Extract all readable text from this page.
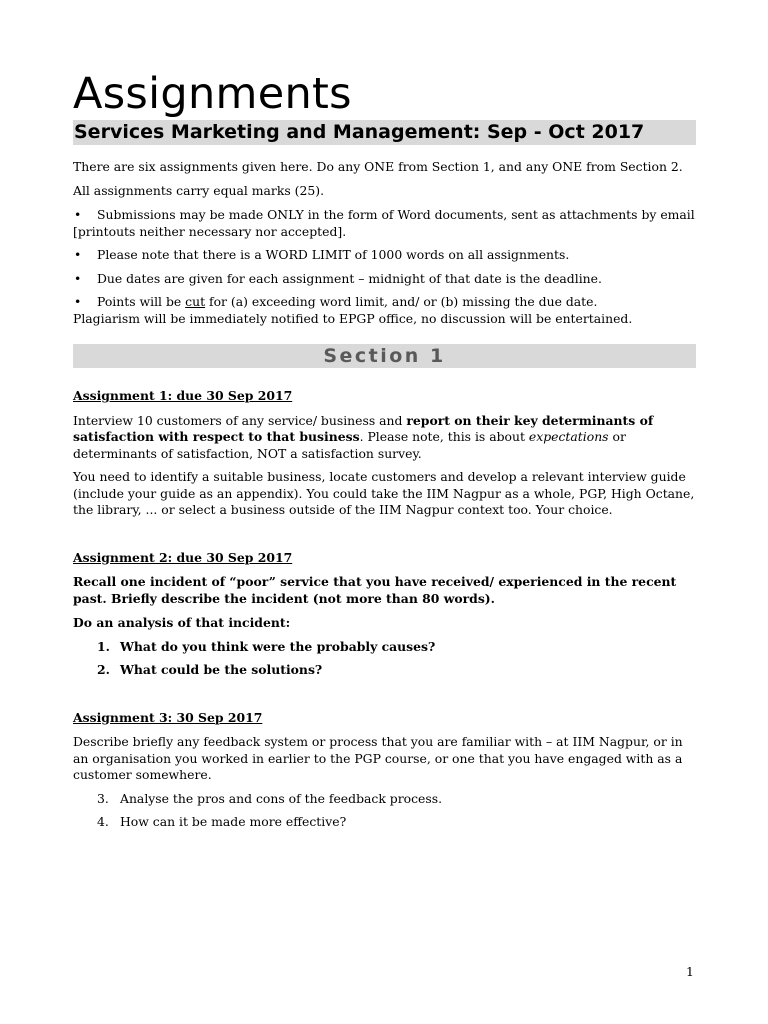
Assignments
Services Marketing and Management: Sep - Oct 2017

There are six assignments given here. Do any ONE from Section 1, and any ONE from Section 2.

All assignments carry equal marks (25).

• Submissions may be made ONLY in the form of Word documents, sent as attachments by email [printouts neither necessary nor accepted].

• Please note that there is a WORD LIMIT of 1000 words on all assignments.

• Due dates are given for each assignment – midnight of that date is the deadline.

• Points will be cut for (a) exceeding word limit, and/ or (b) missing the due date.

Plagiarism will be immediately notified to EPGP office, no discussion will be entertained.

Section 1

Assignment 1: due 30 Sep 2017

Interview 10 customers of any service/ business and report on their key determinants of satisfaction with respect to that business. Please note, this is about expectations or determinants of satisfaction, NOT a satisfaction survey.

You need to identify a suitable business, locate customers and develop a relevant interview guide (include your guide as an appendix). You could take the IIM Nagpur as a whole, PGP, High Octane, the library, ... or select a business outside of the IIM Nagpur context too. Your choice.

Assignment 2: due 30 Sep 2017

Recall one incident of “poor” service that you have received/ experienced in the recent past. Briefly describe the incident (not more than 80 words).

Do an analysis of that incident:

1. What do you think were the probably causes?

2. What could be the solutions?

Assignment 3: 30 Sep 2017

Describe briefly any feedback system or process that you are familiar with – at IIM Nagpur, or in an organisation you worked in earlier to the PGP course, or one that you have engaged with as a customer somewhere.

3. Analyse the pros and cons of the feedback process.

4. How can it be made more effective?

1
